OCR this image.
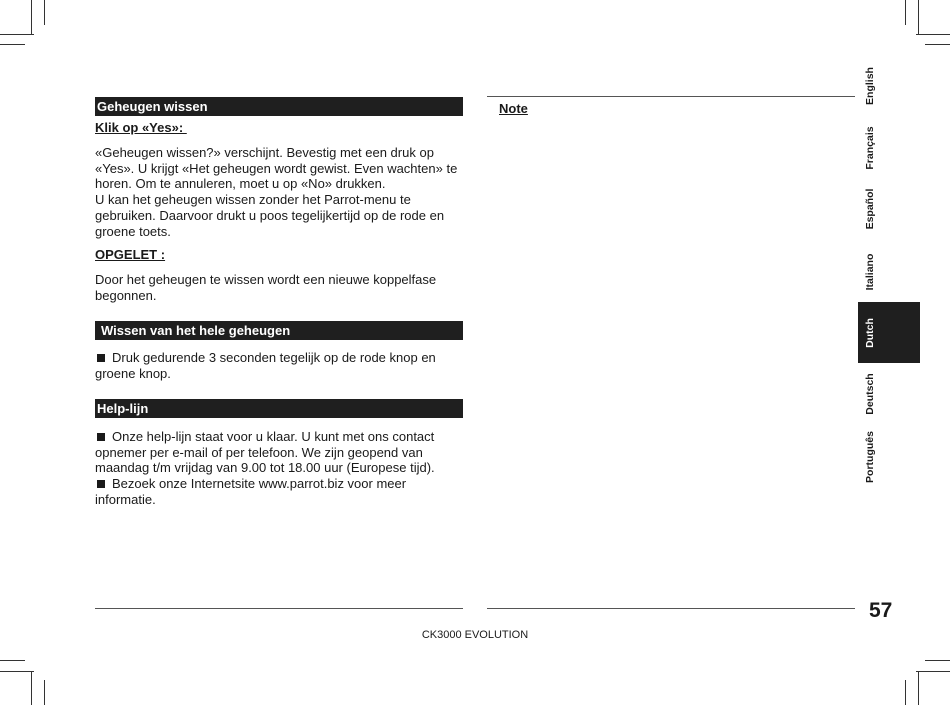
Geheugen wissen
Klik op «Yes»:

«Geheugen wissen?» verschijnt. Bevestig met een druk op «Yes». U krijgt «Het geheugen wordt gewist. Even wachten» te horen. Om te annuleren, moet u op «No» drukken.

U kan het geheugen wissen zonder het Parrot-menu te gebruiken. Daarvoor drukt u poos tegelijkertijd op de rode en groene toets.

OPGELET :

Door het geheugen te wissen wordt een nieuwe koppelfase begonnen.

Wissen van het hele geheugen

Druk gedurende 3 seconden tegelijk op de rode knop en groene knop.

Help-lijn

Onze help-lijn staat voor u klaar. U kunt met ons contact opnemer per e-mail of per telefoon. We zijn geopend van maandag t/m vrijdag van 9.00 tot 18.00 uur (Europese tijd).

Bezoek onze Internetsite www.parrot.biz voor meer informatie.

Note
English
Français
Español
Italiano
Dutch
Deutsch
Português
57
CK3000 EVOLUTION
